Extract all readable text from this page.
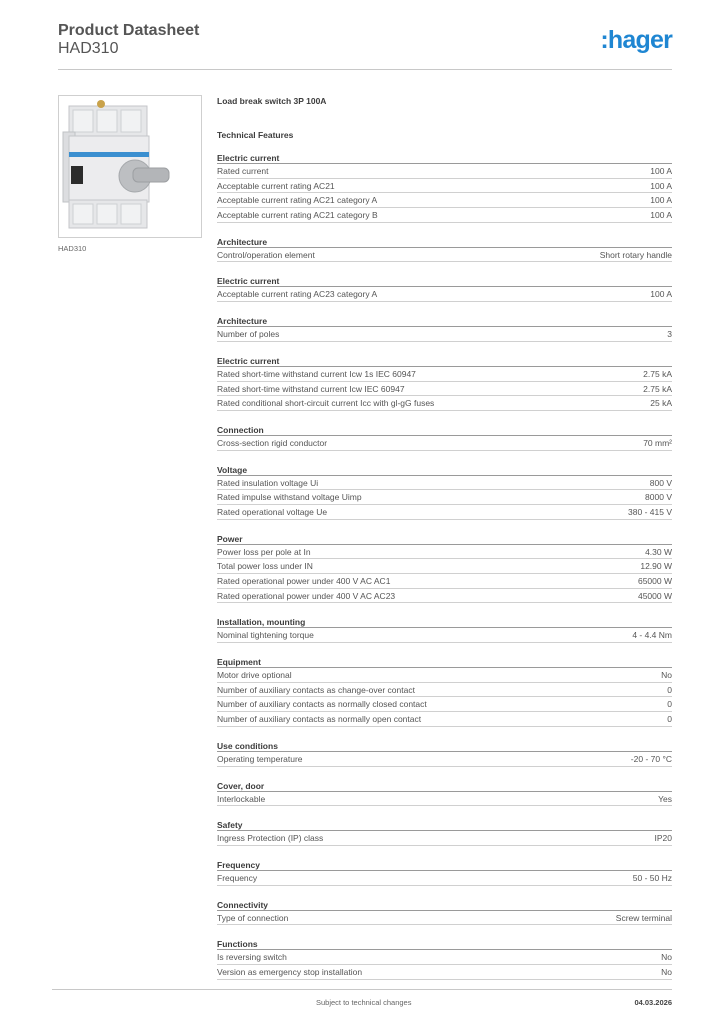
Product Datasheet
HAD310	:hager
HAD310
Load break switch 3P 100A
Technical Features
Electric current
Rated current	100 A
Acceptable current rating AC21	100 A
Acceptable current rating AC21 category A	100 A
Acceptable current rating AC21 category B	100 A
Architecture
Control/operation element	Short rotary handle
Electric current
Acceptable current rating AC23 category A	100 A
Architecture
Number of poles	3
Electric current
Rated short-time withstand current Icw 1s IEC 60947	2.75 kA
Rated short-time withstand current Icw IEC 60947	2.75 kA
Rated conditional short-circuit current Icc with gl-gG fuses	25 kA
Connection
Cross-section rigid conductor	70 mm²
Voltage
Rated insulation voltage Ui	800 V
Rated impulse withstand voltage Uimp	8000 V
Rated operational voltage Ue	380 - 415 V
Power
Power loss per pole at In	4.30 W
Total power loss under IN	12.90 W
Rated operational power under 400 V AC AC1	65000 W
Rated operational power under 400 V AC AC23	45000 W
Installation, mounting
Nominal tightening torque	4 - 4.4 Nm
Equipment
Motor drive optional	No
Number of auxiliary contacts as change-over contact	0
Number of auxiliary contacts as normally closed contact	0
Number of auxiliary contacts as normally open contact	0
Use conditions
Operating temperature	-20 - 70 °C
Cover, door
Interlockable	Yes
Safety
Ingress Protection (IP) class	IP20
Frequency
Frequency	50 - 50 Hz
Connectivity
Type of connection	Screw terminal
Functions
Is reversing switch	No
Version as emergency stop installation	No
Subject to technical changes	04.03.2026
